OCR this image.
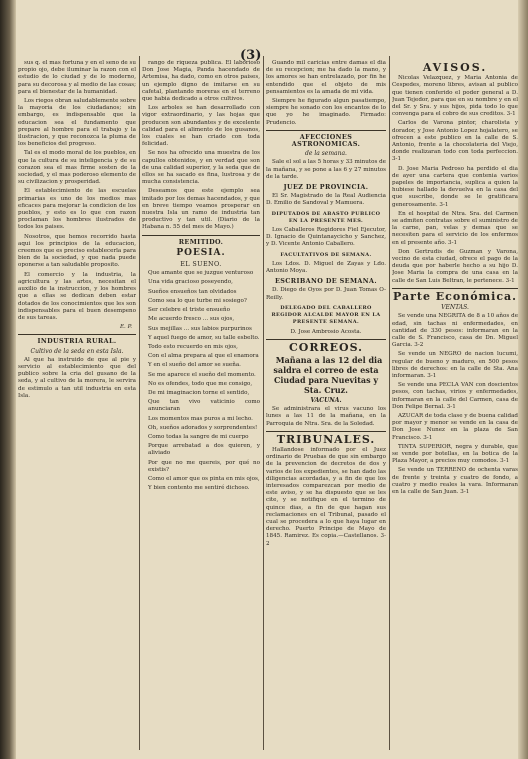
(3)

sus q. el mas fortuna y en el seno de su propio ojo, debe iluminar la razon con el estudio de lo ciudad y de lo moderno, para su decorosa y al medio de las cosas; para el bienestar de la humanidad.

Los riegos obran saludablemente sobre la mayoria de los ciudadanos; sin embargo, es indispensable que la educacion sea el fundamento que prepare al hombre para el trabajo y la ilustracion, y que reconozca la pluma de los beneficios del progreso.

Tal es el modo moral de los pueblos, en que la cultura de su inteligencia y de su corazon sea el mas firme sosten de la sociedad, y el mas poderoso elemento de su civilizacion y prosperidad.

El establecimiento de las escuelas primarias es uno de los medios mas eficaces para mejorar la condicion de los pueblos, y esto es lo que con razon proclaman los hombres ilustrados de todos los paises.

Nosotros, que hemos recorrido hasta aqui los principios de la educacion, creemos que es preciso establecerla para bien de la sociedad, y que nada puede oponerse a tan saludable proposito.

El comercio y la industria, la agricultura y las artes, necesitan el auxilio de la instruccion, y los hombres que a ellas se dedican deben estar dotados de los conocimientos que les son indispensables para el buen desempeno de sus tareas.

E. P.
INDUSTRIA RURAL.
Cultivo de la seda en esta Isla.

Al que ha instruido de que al pie y servicio al establecimiento que del publico sobre la cria del gusano de la seda, y al cultivo de la morera, le servira de estimulo a tan util industria en esta Isla.

rango de riqueza publica. El laborioso Don Jose Magia, Panda hacendado de Artemisa, ha dado, como en otros paises, un ejemplo digno de imitarse en su cafetal, plantando moreras en el terreno que habia dedicado a otros cultivos.

Los arboles se han desarrollado con vigor extraordinario, y las hojas que producen son abundantes y de excelente calidad para el alimento de los gusanos, los cuales se han criado con toda felicidad.

Se nos ha ofrecido una muestra de los capullos obtenidos, y en verdad que son de una calidad superior, y la seda que de ellos se ha sacado es fina, lustrosa y de mucha consistencia.

Deseamos que este ejemplo sea imitado por los demas hacendados, y que en breve tiempo veamos prosperar en nuestra Isla un ramo de industria tan productivo y tan util. (Diario de la Habana n. 55 del mes de Mayo.)

REMITIDO.
POESIA.
EL SUENO.

Que amante que se juzgue venturoso

Una vida gracioso poseyendo,

Sueños ensueños tan olvidados

Como sea lo que turbe mi sosiego?

Ser celebre el triste ensueño

Me acuerdo fresco ... sus ojos,

Sus mejillas ... sus labios purpurinos

Y aquel fuego de amor, su talle esbelto.

Todo esto recuerdo en mis ojos,

Con el alma prepara al que el enamora

Y en el sueño del amor se sueña.

Se me aparece el sueño del momento.

No es ofendes, todo que me consigo,

De mi imaginacion torne el sentido,

Que tan vivo vaticinio como anunciaran

Los momentos mas puros a mi lecho.

Oh, sueños adorados y sorprendentes!

Como todas la sangre de mi cuerpo

Porque arrebatad a dos quieren, y aliviado

Por que no me quereis, por qué no existis?

Como el amor que os pinta en mis ojos,

Y bien contento me sentiré dichoso.

Guando mil caricias entre damas el dia de su recepcion; me ha dado la mano, y los amores se han entrelazado, por fin he entendido que el objeto de mis pensamientos es la amada de mi vida.

Siempre he figurado algun pasatiempo, siempre he sonado con los encantos de lo que yo he imaginado. Firmado: Prudencio.

AFECCIONES ASTRONOMICAS.
de la semana.

Sale el sol a las 5 horas y 33 minutos de la mañana, y se pone a las 6 y 27 minutos de la tarde.

JUEZ DE PROVINCIA.

El Sr. Magistrado de la Real Audiencia D. Emilio de Sandoval y Mamuera.

DIPUTADOS DE ABASTO PUBLICO EN LA PRESENTE MES.

Los Caballeros Regidores Fiel Ejecutor, D. Ignacio de Quintanaycicho y Sanchez, y D. Vicente Antonio Caballero.

FACULTATIVOS DE SEMANA.

Los Ldos. D. Miguel de Zayas y Ldo. Antonio Moya.

ESCRIBANO DE SEMANA.

D. Diego de Oyos por D. Juan Tomas O-Reilly.

DELEGADO DEL CABALLERO REGIDOR ALCALDE MAYOR EN LA PRESENTE SEMANA.

D. Jose Ambrosio Acosta.

CORREOS.

Mañana a las 12 del dia saldra el correo de esta Ciudad para Nuevitas y Sta. Cruz.

VACUNA.

Se administrara el virus vacuno los lunes a las 11 de la mañana, en la Parroquia de Ntra. Sra. de la Soledad.

TRIBUNALES.

Hallandose informado por el Juez ordinario de Pruebas de que sin embargo de la prevencion de decretos de dos y varios de los expedientes, se han dado las diligencias acordadas, y a fin de que los interesados comparezcan por medio de este aviso, y se ha dispuesto que se les cite, y se notifique en el termino de quince dias, a fin de que hagan sus reclamaciones en el Tribunal, pasado el cual se procedera a lo que haya lugar en derecho. Puerto Principe de Mayo de 1845. Ramirez. Es copia.—Castellanos. 3-2

AVISOS.

Nicolas Velazquez, y Maria Antonia de Cespedes, moreno libres, avisan al publico que tienen conferido el poder general a D. Juan Tejedor, para que en su nombre y en el del Sr. y Sra. y sus hijos, pida todo lo que convenga para el cobro de sus creditos. 3-1

Carlos de Varona pintor, charolista y dorador, y Jose Antonio Lopez hojalatero, se ofrecen a este publico en la calle de S. Antonio, frente a la chocolateria del Viejo, donde realizaran todo con toda perfeccion. 3-1

D. Jose Maria Pedroso ha perdido el dia de ayer una cartera que contenia varios papeles de importancia, suplica a quien la hubiese hallado la devuelva en la casa del que suscribe, donde se le gratificara generosamente. 3-1

En el hospital de Ntra. Sra. del Carmen se admiten contratas sobre el suministro de la carne, pan, velas y demas que se necesiten para el servicio de los enfermos en el presente año. 3-1

Don Gertrudis de Guzman y Varona, vecino de esta ciudad, ofrece el pago de la deuda que por haberle hecho a su hijo D. Jose Maria la compra de una casa en la calle de San Luis Beltran, le pertenece. 3-1

Parte Económica.
VENTAS.

Se vende una NEGRITA de 8 a 10 años de edad, sin tachas ni enfermedades, en cantidad de 330 pesos: informaran en la calle de S. Francisco, casa de Dn. Miguel Garcia. 3-2

Se vende un NEGRO de nacion lucumi, regular de bueno y maduro, en 500 pesos libres de derechos: en la calle de Sta. Ana informaran. 3-1

Se vende una PECLA VAN con doscientos pesos, con tachas, virios y enfermedades, informaran en la calle del Carmen, casa de Don Felipe Bernal. 3-1

AZUCAR de toda clase y de buena calidad por mayor y menor se vende en la casa de Don Jose Nunez en la plaza de San Francisco. 3-1

TINTA SUPERIOR, negra y durable, que se vende por botellas, en la botica de la Plaza Mayor, a precios muy comodos. 3-1

Se vende un TERRENO de ochenta varas de frente y treinta y cuatro de fondo, a cuatro y medio reales la vara. Informaran en la calle de San Juan. 3-1
